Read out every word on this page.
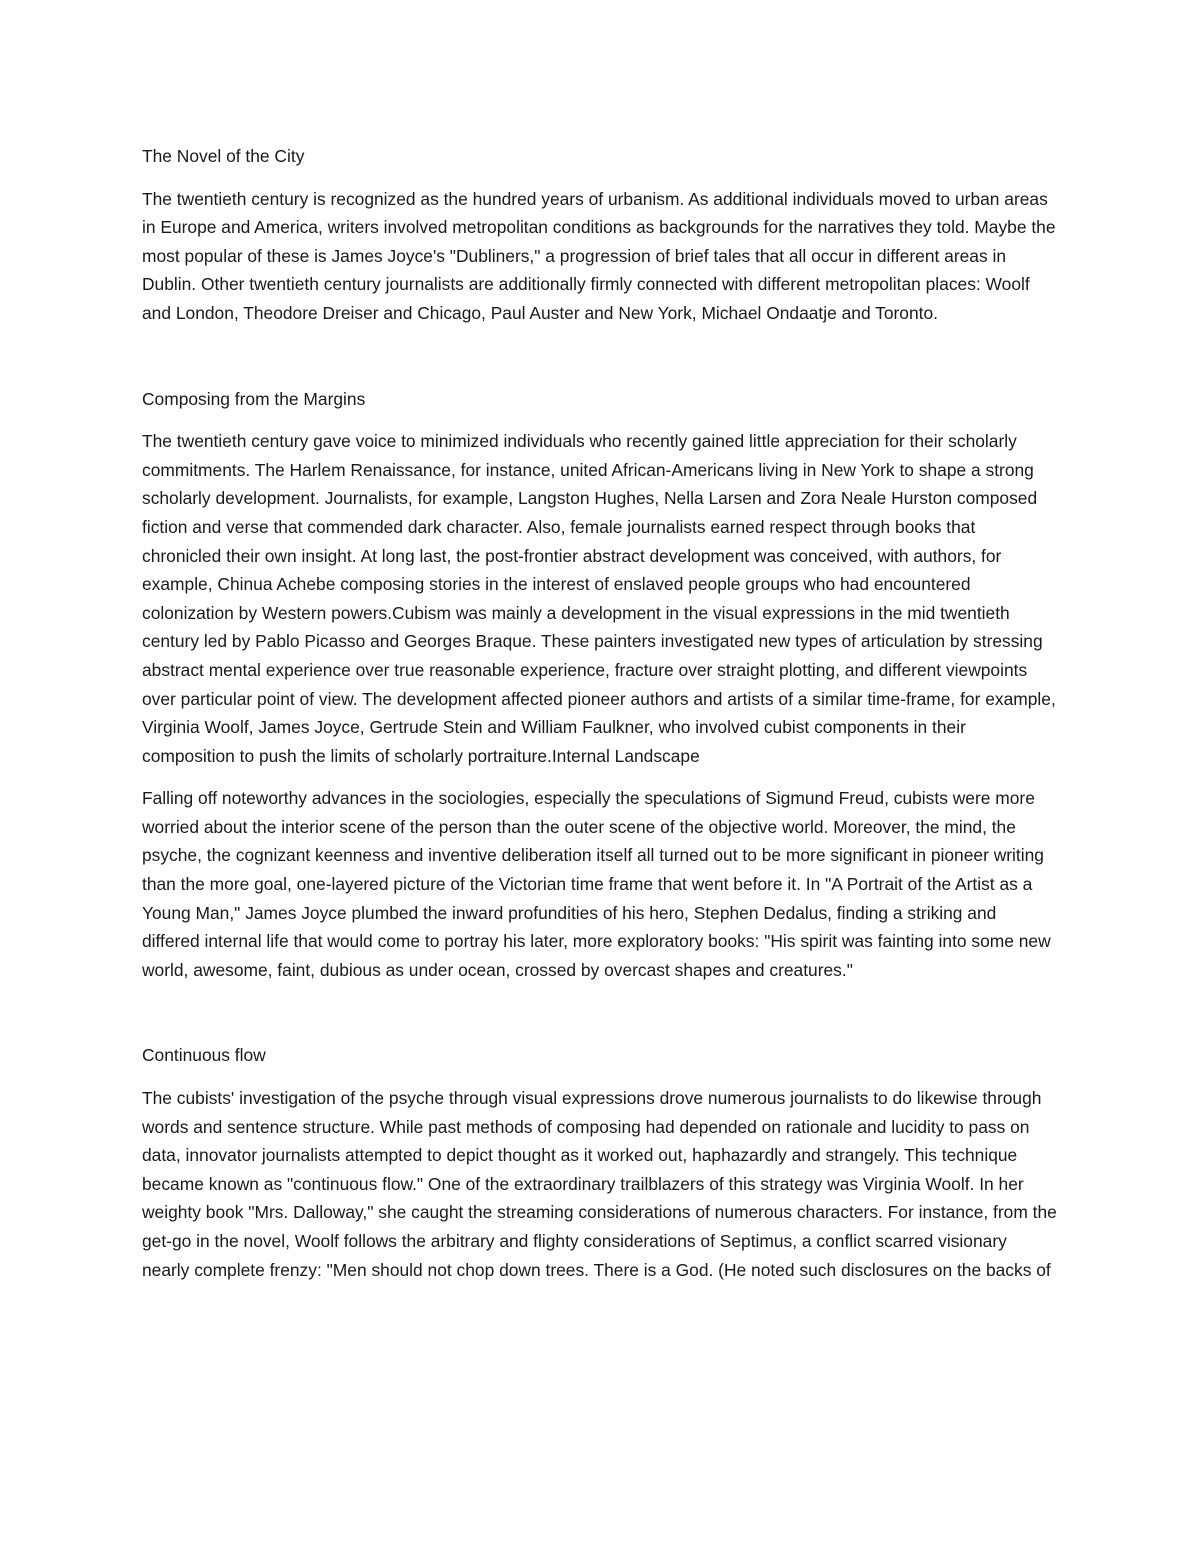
The Novel of the City

The twentieth century is recognized as the hundred years of urbanism. As additional individuals moved to urban areas in Europe and America, writers involved metropolitan conditions as backgrounds for the narratives they told. Maybe the most popular of these is James Joyce's "Dubliners," a progression of brief tales that all occur in different areas in Dublin. Other twentieth century journalists are additionally firmly connected with different metropolitan places: Woolf and London, Theodore Dreiser and Chicago, Paul Auster and New York, Michael Ondaatje and Toronto.

Composing from the Margins

The twentieth century gave voice to minimized individuals who recently gained little appreciation for their scholarly commitments. The Harlem Renaissance, for instance, united African-Americans living in New York to shape a strong scholarly development. Journalists, for example, Langston Hughes, Nella Larsen and Zora Neale Hurston composed fiction and verse that commended dark character. Also, female journalists earned respect through books that chronicled their own insight. At long last, the post-frontier abstract development was conceived, with authors, for example, Chinua Achebe composing stories in the interest of enslaved people groups who had encountered colonization by Western powers.Cubism was mainly a development in the visual expressions in the mid twentieth century led by Pablo Picasso and Georges Braque. These painters investigated new types of articulation by stressing abstract mental experience over true reasonable experience, fracture over straight plotting, and different viewpoints over particular point of view. The development affected pioneer authors and artists of a similar time-frame, for example, Virginia Woolf, James Joyce, Gertrude Stein and William Faulkner, who involved cubist components in their composition to push the limits of scholarly portraiture.Internal Landscape

Falling off noteworthy advances in the sociologies, especially the speculations of Sigmund Freud, cubists were more worried about the interior scene of the person than the outer scene of the objective world. Moreover, the mind, the psyche, the cognizant keenness and inventive deliberation itself all turned out to be more significant in pioneer writing than the more goal, one-layered picture of the Victorian time frame that went before it. In "A Portrait of the Artist as a Young Man," James Joyce plumbed the inward profundities of his hero, Stephen Dedalus, finding a striking and differed internal life that would come to portray his later, more exploratory books: "His spirit was fainting into some new world, awesome, faint, dubious as under ocean, crossed by overcast shapes and creatures."

Continuous flow

The cubists' investigation of the psyche through visual expressions drove numerous journalists to do likewise through words and sentence structure. While past methods of composing had depended on rationale and lucidity to pass on data, innovator journalists attempted to depict thought as it worked out, haphazardly and strangely. This technique became known as "continuous flow." One of the extraordinary trailblazers of this strategy was Virginia Woolf. In her weighty book "Mrs. Dalloway," she caught the streaming considerations of numerous characters. For instance, from the get-go in the novel, Woolf follows the arbitrary and flighty considerations of Septimus, a conflict scarred visionary nearly complete frenzy: "Men should not chop down trees. There is a God. (He noted such disclosures on the backs of
